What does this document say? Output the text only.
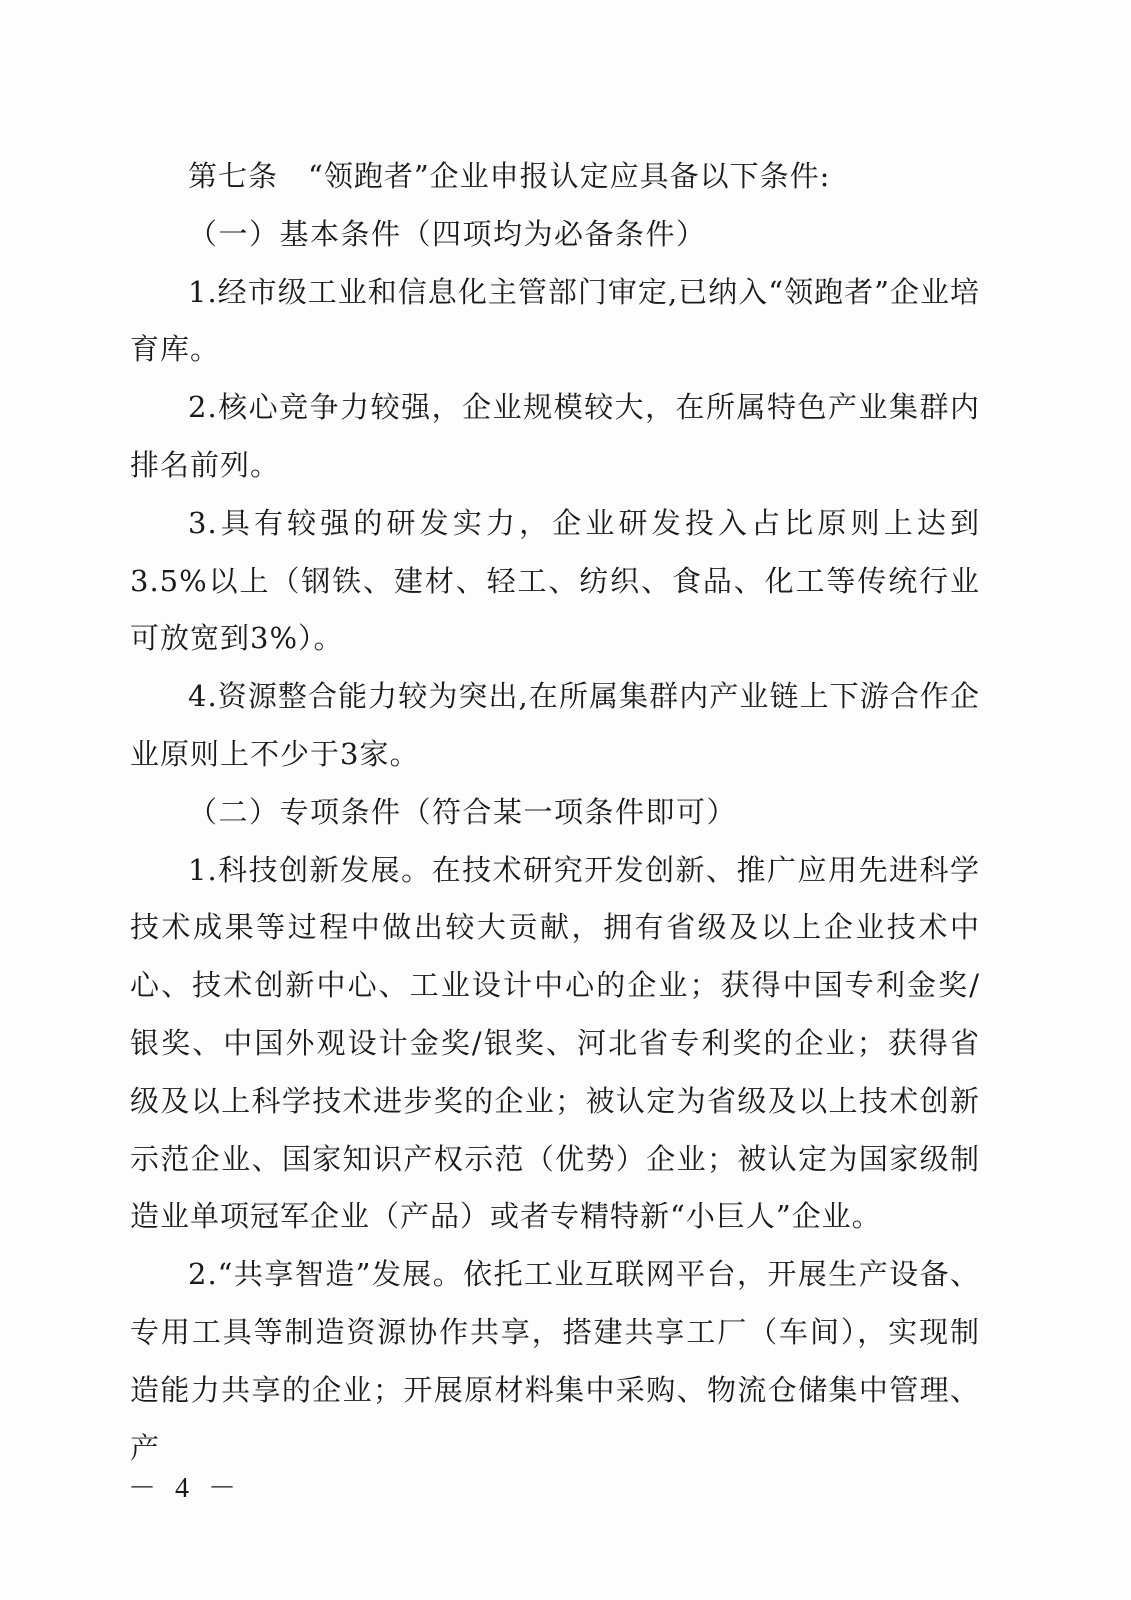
第七条　“领跑者”企业申报认定应具备以下条件:

（一）基本条件（四项均为必备条件）

1.经市级工业和信息化主管部门审定,已纳入“领跑者”企业培育库。

2.核心竞争力较强，企业规模较大，在所属特色产业集群内排名前列。

3.具有较强的研发实力，企业研发投入占比原则上达到3.5%以上（钢铁、建材、轻工、纺织、食品、化工等传统行业可放宽到3%）。

4.资源整合能力较为突出,在所属集群内产业链上下游合作企业原则上不少于3家。

（二）专项条件（符合某一项条件即可）

1.科技创新发展。在技术研究开发创新、推广应用先进科学技术成果等过程中做出较大贡献，拥有省级及以上企业技术中心、技术创新中心、工业设计中心的企业；获得中国专利金奖/银奖、中国外观设计金奖/银奖、河北省专利奖的企业；获得省级及以上科学技术进步奖的企业；被认定为省级及以上技术创新示范企业、国家知识产权示范（优势）企业；被认定为国家级制造业单项冠军企业（产品）或者专精特新“小巨人”企业。

2.“共享智造”发展。依托工业互联网平台，开展生产设备、专用工具等制造资源协作共享，搭建共享工厂（车间），实现制造能力共享的企业；开展原材料集中采购、物流仓储集中管理、产

－ 4 －
